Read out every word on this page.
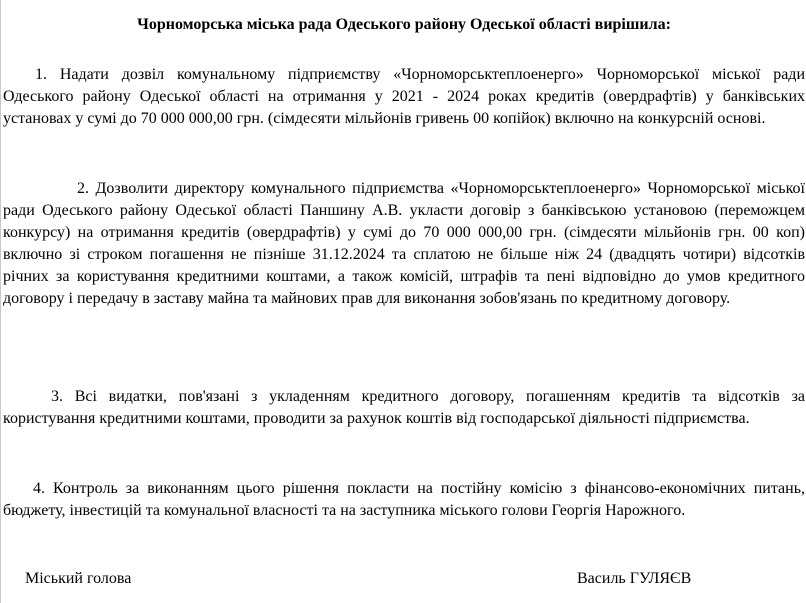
Чорноморська міська рада Одеського району Одеської області вирішила:

1. Надати дозвіл комунальному підприємству «Чорноморськтеплоенерго» Чорноморської міської ради Одеського району Одеської області на отримання у 2021 - 2024 роках кредитів (овердрафтів) у банківських установах у сумі до 70 000 000,00 грн. (сімдесяти мільйонів гривень 00 копійок) включно на конкурсній основі.

2. Дозволити директору комунального підприємства «Чорноморськтеплоенерго» Чорноморської міської ради Одеського району Одеської області Паншину А.В. укласти договір з банківською установою (переможцем конкурсу) на отримання кредитів (овердрафтів) у сумі до 70 000 000,00 грн. (сімдесяти мільйонів грн. 00 коп) включно зі строком погашення не пізніше 31.12.2024 та сплатою не більше ніж 24 (двадцять чотири) відсотків річних за користування кредитними коштами, а також комісій, штрафів та пені відповідно до умов кредитного договору і передачу в заставу майна та майнових прав для виконання зобов'язань по кредитному договору.

3. Всі видатки, пов'язані з укладенням кредитного договору, погашенням кредитів та відсотків за користування кредитними коштами, проводити за рахунок коштів від господарської діяльності підприємства.

4. Контроль за виконанням цього рішення покласти на постійну комісію з фінансово-економічних питань, бюджету, інвестицій та комунальної власності та на заступника міського голови Георгія Нарожного.

Міський голова	Василь ГУЛЯЄВ
